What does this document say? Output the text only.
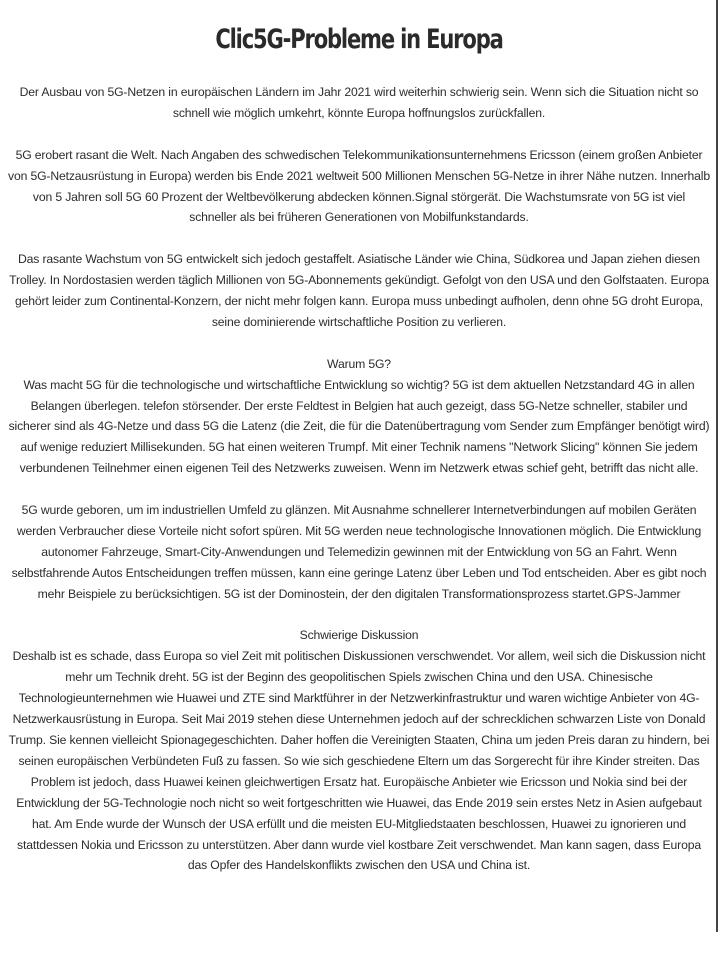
Clic5G-Probleme in Europa

Der Ausbau von 5G-Netzen in europäischen Ländern im Jahr 2021 wird weiterhin schwierig sein. Wenn sich die Situation nicht so schnell wie möglich umkehrt, könnte Europa hoffnungslos zurückfallen.

5G erobert rasant die Welt. Nach Angaben des schwedischen Telekommunikationsunternehmens Ericsson (einem großen Anbieter von 5G-Netzausrüstung in Europa) werden bis Ende 2021 weltweit 500 Millionen Menschen 5G-Netze in ihrer Nähe nutzen. Innerhalb von 5 Jahren soll 5G 60 Prozent der Weltbevölkerung abdecken können.Signal störgerät. Die Wachstumsrate von 5G ist viel schneller als bei früheren Generationen von Mobilfunkstandards.

Das rasante Wachstum von 5G entwickelt sich jedoch gestaffelt. Asiatische Länder wie China, Südkorea und Japan ziehen diesen Trolley. In Nordostasien werden täglich Millionen von 5G-Abonnements gekündigt. Gefolgt von den USA und den Golfstaaten. Europa gehört leider zum Continental-Konzern, der nicht mehr folgen kann. Europa muss unbedingt aufholen, denn ohne 5G droht Europa, seine dominierende wirtschaftliche Position zu verlieren.

Warum 5G?

Was macht 5G für die technologische und wirtschaftliche Entwicklung so wichtig? 5G ist dem aktuellen Netzstandard 4G in allen Belangen überlegen. telefon störsender. Der erste Feldtest in Belgien hat auch gezeigt, dass 5G-Netze schneller, stabiler und sicherer sind als 4G-Netze und dass 5G die Latenz (die Zeit, die für die Datenübertragung vom Sender zum Empfänger benötigt wird) auf wenige reduziert Millisekunden. 5G hat einen weiteren Trumpf. Mit einer Technik namens "Network Slicing" können Sie jedem verbundenen Teilnehmer einen eigenen Teil des Netzwerks zuweisen. Wenn im Netzwerk etwas schief geht, betrifft das nicht alle.

5G wurde geboren, um im industriellen Umfeld zu glänzen. Mit Ausnahme schnellerer Internetverbindungen auf mobilen Geräten werden Verbraucher diese Vorteile nicht sofort spüren. Mit 5G werden neue technologische Innovationen möglich. Die Entwicklung autonomer Fahrzeuge, Smart-City-Anwendungen und Telemedizin gewinnen mit der Entwicklung von 5G an Fahrt. Wenn selbstfahrende Autos Entscheidungen treffen müssen, kann eine geringe Latenz über Leben und Tod entscheiden. Aber es gibt noch mehr Beispiele zu berücksichtigen. 5G ist der Dominostein, der den digitalen Transformationsprozess startet.GPS-Jammer

Schwierige Diskussion

Deshalb ist es schade, dass Europa so viel Zeit mit politischen Diskussionen verschwendet. Vor allem, weil sich die Diskussion nicht mehr um Technik dreht. 5G ist der Beginn des geopolitischen Spiels zwischen China und den USA. Chinesische Technologieunternehmen wie Huawei und ZTE sind Marktführer in der Netzwerkinfrastruktur und waren wichtige Anbieter von 4G-Netzwerkausrüstung in Europa. Seit Mai 2019 stehen diese Unternehmen jedoch auf der schrecklichen schwarzen Liste von Donald Trump. Sie kennen vielleicht Spionagegeschichten. Daher hoffen die Vereinigten Staaten, China um jeden Preis daran zu hindern, bei seinen europäischen Verbündeten Fuß zu fassen. So wie sich geschiedene Eltern um das Sorgerecht für ihre Kinder streiten. Das Problem ist jedoch, dass Huawei keinen gleichwertigen Ersatz hat. Europäische Anbieter wie Ericsson und Nokia sind bei der Entwicklung der 5G-Technologie noch nicht so weit fortgeschritten wie Huawei, das Ende 2019 sein erstes Netz in Asien aufgebaut hat. Am Ende wurde der Wunsch der USA erfüllt und die meisten EU-Mitgliedstaaten beschlossen, Huawei zu ignorieren und stattdessen Nokia und Ericsson zu unterstützen. Aber dann wurde viel kostbare Zeit verschwendet. Man kann sagen, dass Europa das Opfer des Handelskonflikts zwischen den USA und China ist.
